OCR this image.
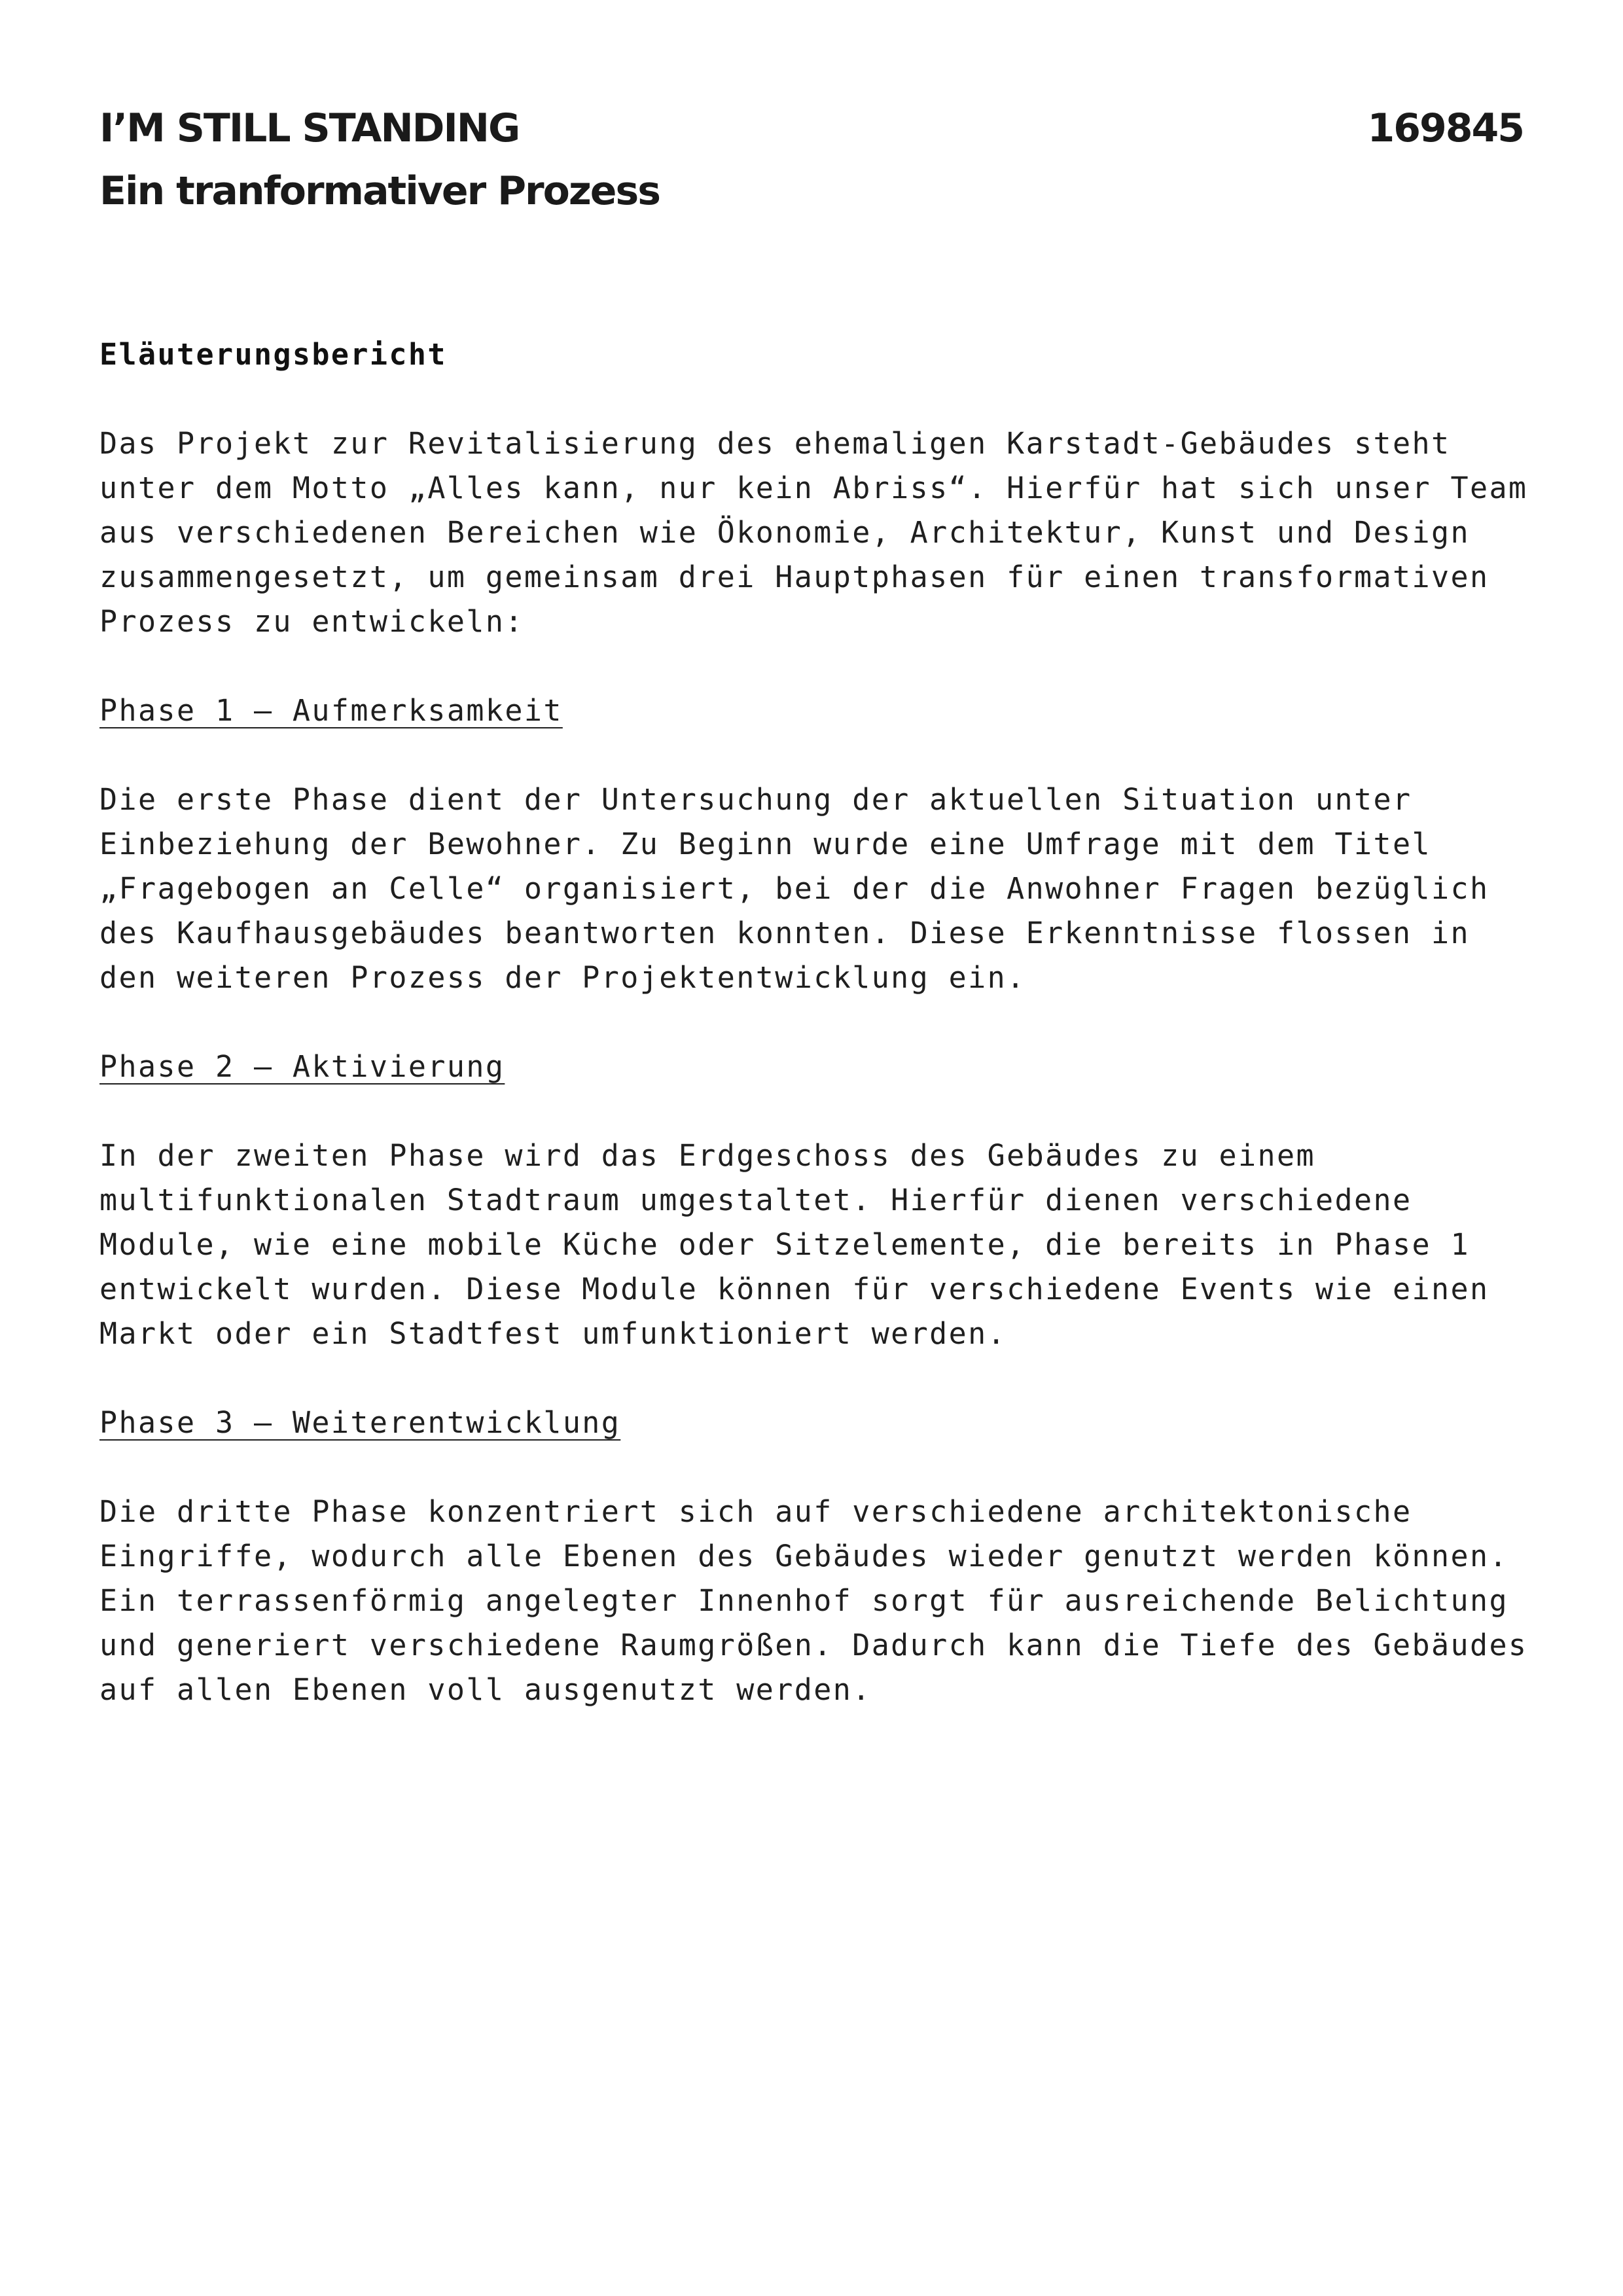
I’M STILL STANDING	169845
Ein tranformativer Prozess

Eläuterungsbericht

Das Projekt zur Revitalisierung des ehemaligen Karstadt-Gebäudes steht unter dem Motto „Alles kann, nur kein Abriss“. Hierfür hat sich unser Team aus verschiedenen Bereichen wie Ökonomie, Architektur, Kunst und Design zusammengesetzt, um gemeinsam drei Hauptphasen für einen transformativen Prozess zu entwickeln:

Phase 1 – Aufmerksamkeit

Die erste Phase dient der Untersuchung der aktuellen Situation unter Einbeziehung der Bewohner. Zu Beginn wurde eine Umfrage mit dem Titel „Fragebogen an Celle“ organisiert, bei der die Anwohner Fragen bezüglich des Kaufhausgebäudes beantworten konnten. Diese Erkenntnisse flossen in den weiteren Prozess der Projektentwicklung ein.

Phase 2 – Aktivierung

In der zweiten Phase wird das Erdgeschoss des Gebäudes zu einem multifunktionalen Stadtraum umgestaltet. Hierfür dienen verschiedene Module, wie eine mobile Küche oder Sitzelemente, die bereits in Phase 1 entwickelt wurden. Diese Module können für verschiedene Events wie einen Markt oder ein Stadtfest umfunktioniert werden.

Phase 3 – Weiterentwicklung

Die dritte Phase konzentriert sich auf verschiedene architektonische Eingriffe, wodurch alle Ebenen des Gebäudes wieder genutzt werden können. Ein terrassenförmig angelegter Innenhof sorgt für ausreichende Belichtung und generiert verschiedene Raumgrößen. Dadurch kann die Tiefe des Gebäudes auf allen Ebenen voll ausgenutzt werden.
